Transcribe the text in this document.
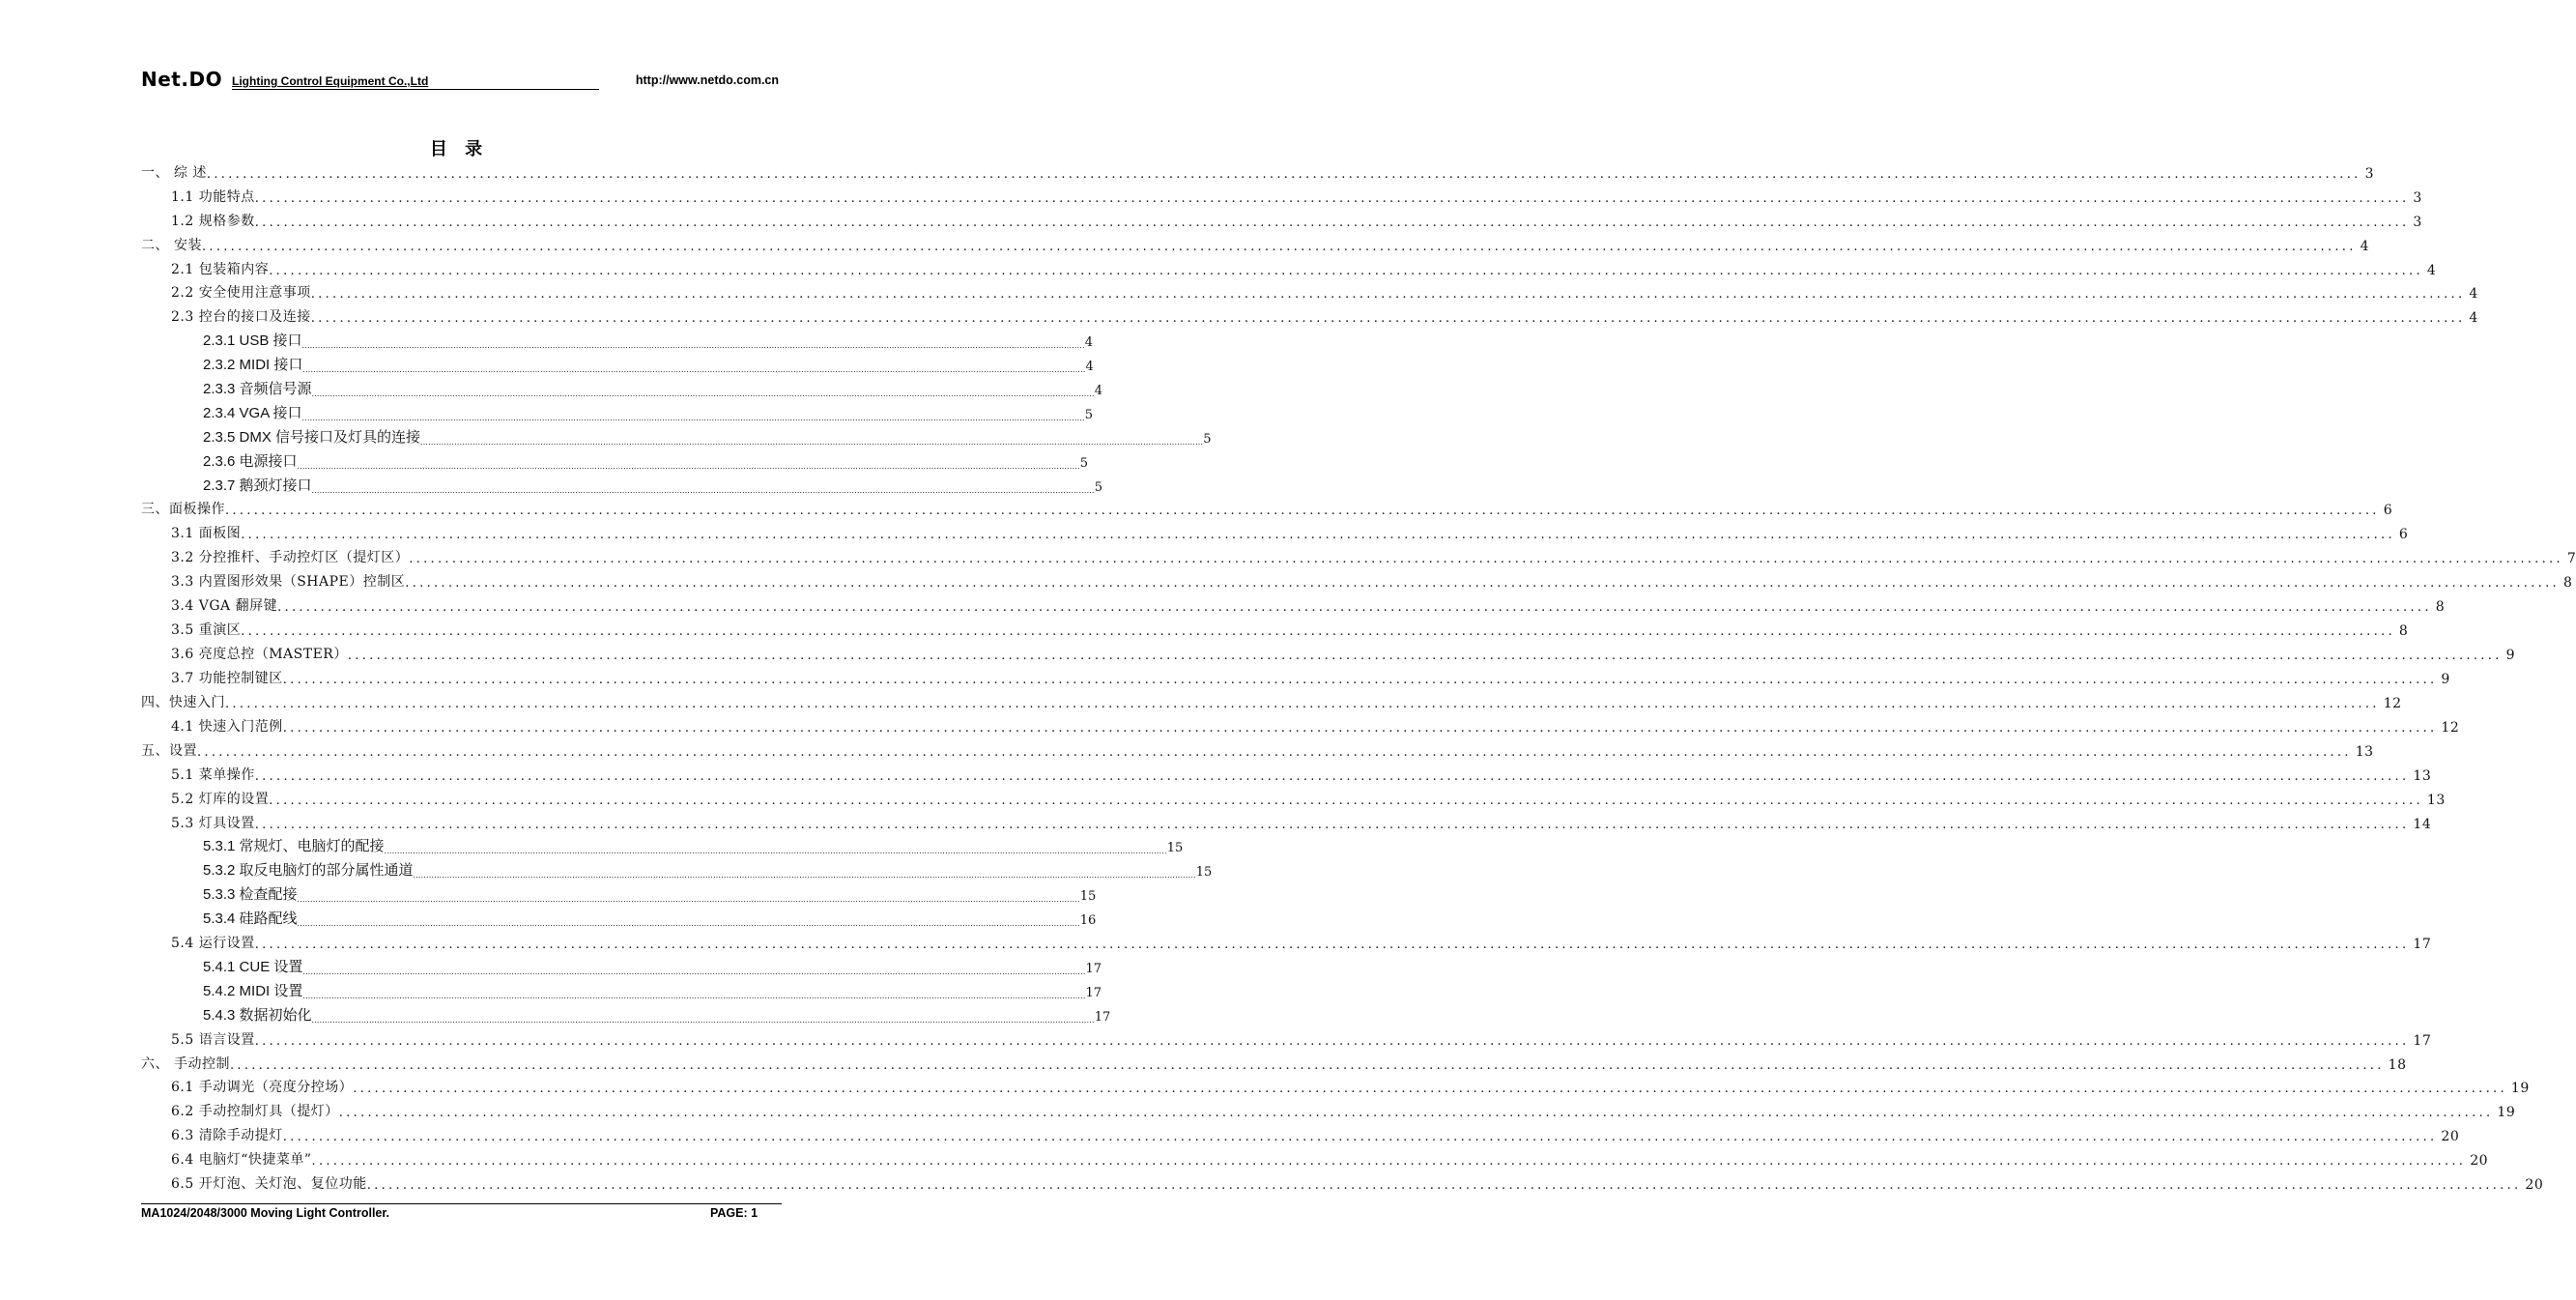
Net.DO Lighting Control Equipment Co.,Ltd	http://www.netdo.com.cn
目 录
一、 综 述 ............................................................................................................................................................................................................................................................................................................ 3
1.1 功能特点 ............................................................................................................................................................................................................................................................................................................ 3
1.2 规格参数 ............................................................................................................................................................................................................................................................................................................ 3
二、 安装 ............................................................................................................................................................................................................................................................................................................ 4
2.1 包装箱内容 ............................................................................................................................................................................................................................................................................................................ 4
2.2 安全使用注意事项 ............................................................................................................................................................................................................................................................................................................ 4
2.3 控台的接口及连接 ............................................................................................................................................................................................................................................................................................................ 4
2.3.1 USB 接口 ............................................................................................................................................................................................................................................................................................................ 4
2.3.2 MIDI 接口 ............................................................................................................................................................................................................................................................................................................ 4
2.3.3 音频信号源 ............................................................................................................................................................................................................................................................................................................ 4
2.3.4 VGA 接口 ............................................................................................................................................................................................................................................................................................................ 5
2.3.5 DMX 信号接口及灯具的连接 ............................................................................................................................................................................................................................................................................................................ 5
2.3.6 电源接口 ............................................................................................................................................................................................................................................................................................................ 5
2.3.7 鹅颈灯接口 ............................................................................................................................................................................................................................................................................................................ 5
三、面板操作 ............................................................................................................................................................................................................................................................................................................ 6
3.1 面板图 ............................................................................................................................................................................................................................................................................................................ 6
3.2 分控推杆、手动控灯区（提灯区） ............................................................................................................................................................................................................................................................................................................ 7
3.3 内置图形效果（SHAPE）控制区 ............................................................................................................................................................................................................................................................................................................ 8
3.4 VGA 翻屏键 ............................................................................................................................................................................................................................................................................................................ 8
3.5 重演区 ............................................................................................................................................................................................................................................................................................................ 8
3.6 亮度总控（MASTER） ............................................................................................................................................................................................................................................................................................................ 9
3.7 功能控制键区 ............................................................................................................................................................................................................................................................................................................ 9
四、快速入门 ............................................................................................................................................................................................................................................................................................................ 12
4.1 快速入门范例 ............................................................................................................................................................................................................................................................................................................ 12
五、设置 ............................................................................................................................................................................................................................................................................................................ 13
5.1 菜单操作 ............................................................................................................................................................................................................................................................................................................ 13
5.2 灯库的设置 ............................................................................................................................................................................................................................................................................................................ 13
5.3 灯具设置 ............................................................................................................................................................................................................................................................................................................ 14
5.3.1 常规灯、电脑灯的配接 ............................................................................................................................................................................................................................................................................................................ 15
5.3.2 取反电脑灯的部分属性通道 ............................................................................................................................................................................................................................................................................................................ 15
5.3.3 检查配接 ............................................................................................................................................................................................................................................................................................................ 15
5.3.4 硅路配线 ............................................................................................................................................................................................................................................................................................................ 16
5.4 运行设置 ............................................................................................................................................................................................................................................................................................................ 17
5.4.1 CUE 设置 ............................................................................................................................................................................................................................................................................................................ 17
5.4.2 MIDI 设置 ............................................................................................................................................................................................................................................................................................................ 17
5.4.3 数据初始化 ............................................................................................................................................................................................................................................................................................................ 17
5.5 语言设置 ............................................................................................................................................................................................................................................................................................................ 17
六、 手动控制 ............................................................................................................................................................................................................................................................................................................ 18
6.1 手动调光（亮度分控场） ............................................................................................................................................................................................................................................................................................................ 19
6.2 手动控制灯具（提灯） ............................................................................................................................................................................................................................................................................................................ 19
6.3 清除手动提灯 ............................................................................................................................................................................................................................................................................................................ 20
6.4 电脑灯“快捷菜单” ............................................................................................................................................................................................................................................................................................................ 20
6.5 开灯泡、关灯泡、复位功能 ............................................................................................................................................................................................................................................................................................................ 20
MA1024/2048/3000 Moving Light Controller.	PAGE: 1
